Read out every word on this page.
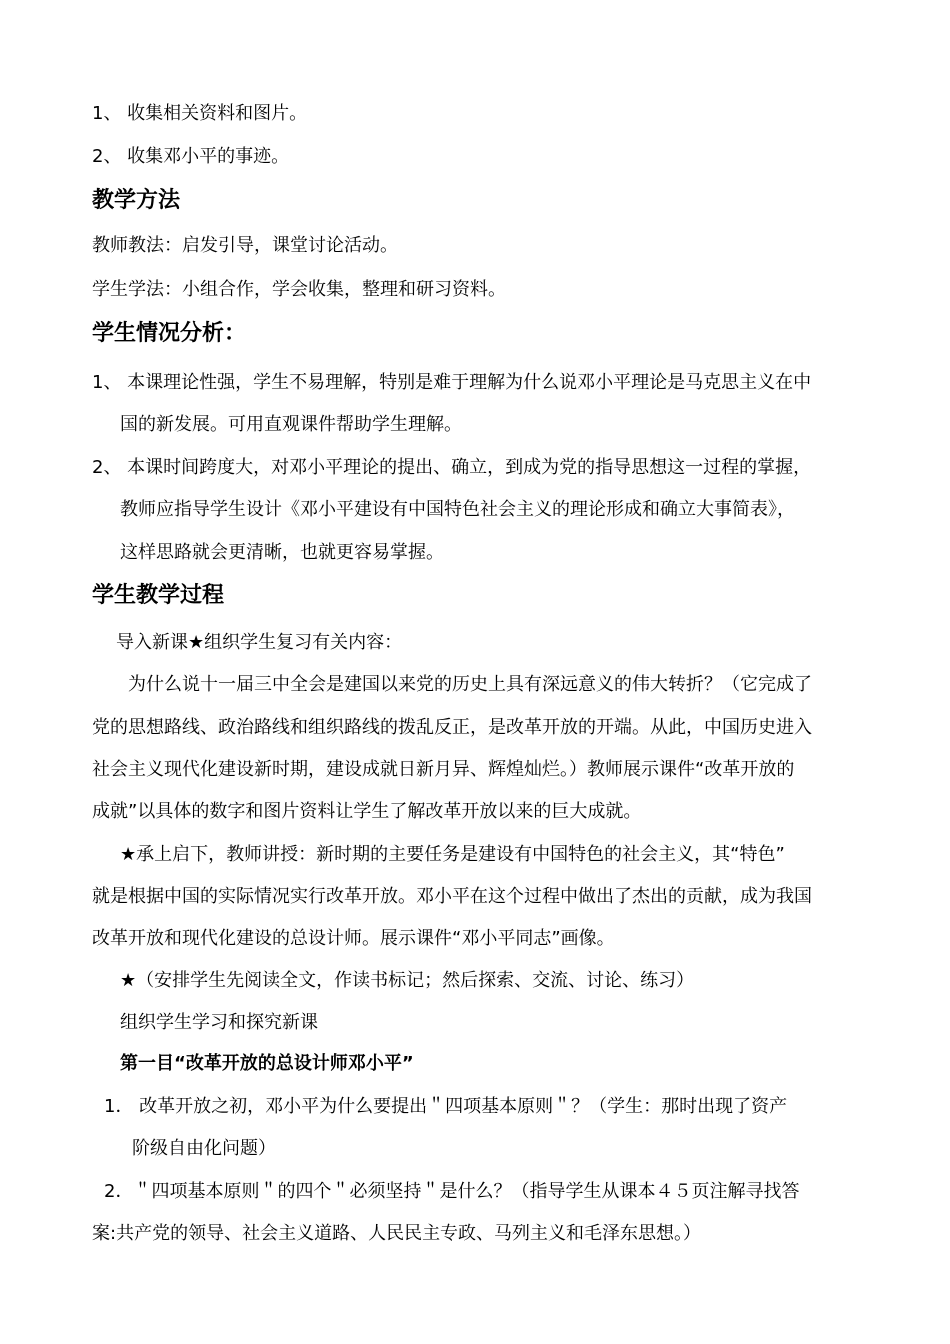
1、 收集相关资料和图片。
2、 收集邓小平的事迹。
教学方法
教师教法：启发引导，课堂讨论活动。
学生学法：小组合作，学会收集，整理和研习资料。
学生情况分析：
1、 本课理论性强，学生不易理解，特别是难于理解为什么说邓小平理论是马克思主义在中
国的新发展。可用直观课件帮助学生理解。
2、 本课时间跨度大，对邓小平理论的提出、确立，到成为党的指导思想这一过程的掌握，
教师应指导学生设计《邓小平建设有中国特色社会主义的理论形成和确立大事简表》，
这样思路就会更清晰，也就更容易掌握。
学生教学过程
导入新课★组织学生复习有关内容：
为什么说十一届三中全会是建国以来党的历史上具有深远意义的伟大转折？（它完成了
党的思想路线、政治路线和组织路线的拨乱反正，是改革开放的开端。从此，中国历史进入
社会主义现代化建设新时期，建设成就日新月异、辉煌灿烂。）教师展示课件“改革开放的
成就”以具体的数字和图片资料让学生了解改革开放以来的巨大成就。
★承上启下，教师讲授：新时期的主要任务是建设有中国特色的社会主义，其“特色”
就是根据中国的实际情况实行改革开放。邓小平在这个过程中做出了杰出的贡献，成为我国
改革开放和现代化建设的总设计师。展示课件“邓小平同志”画像。
★（安排学生先阅读全文，作读书标记；然后探索、交流、讨论、练习）
组织学生学习和探究新课
第一目“改革开放的总设计师邓小平”
1． 改革开放之初，邓小平为什么要提出＂四项基本原则＂？（学生：那时出现了资产
阶级自由化问题）
2．＂四项基本原则＂的四个＂必须坚持＂是什么？（指导学生从课本４５页注解寻找答
案:共产党的领导、社会主义道路、人民民主专政、马列主义和毛泽东思想。）
